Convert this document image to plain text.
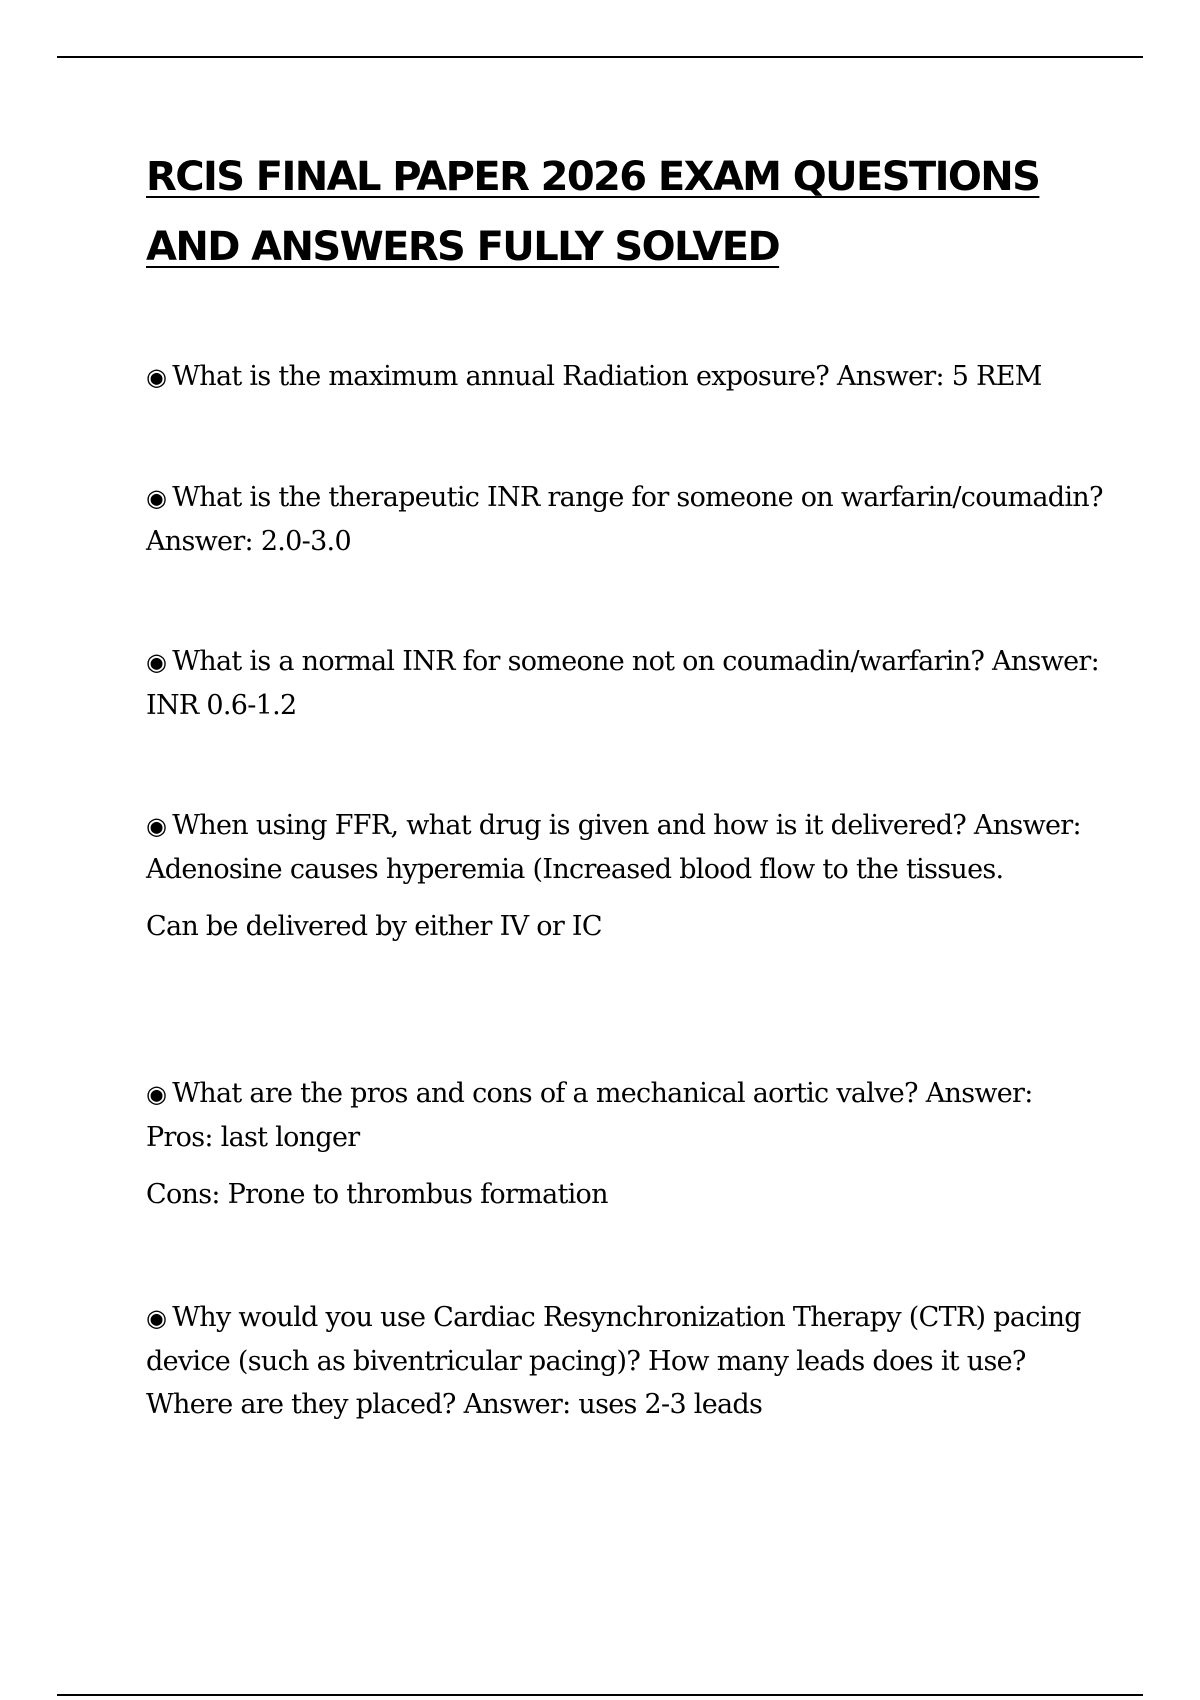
RCIS FINAL PAPER 2026 EXAM QUESTIONS
AND ANSWERS FULLY SOLVED

◉ What is the maximum annual Radiation exposure? Answer: 5 REM

◉ What is the therapeutic INR range for someone on warfarin/coumadin? Answer: 2.0-3.0

◉ What is a normal INR for someone not on coumadin/warfarin? Answer: INR 0.6-1.2

◉ When using FFR, what drug is given and how is it delivered? Answer: Adenosine causes hyperemia (Increased blood flow to the tissues.

Can be delivered by either IV or IC

◉ What are the pros and cons of a mechanical aortic valve? Answer: Pros: last longer

Cons: Prone to thrombus formation

◉ Why would you use Cardiac Resynchronization Therapy (CTR) pacing device (such as biventricular pacing)? How many leads does it use? Where are they placed? Answer: uses 2-3 leads
